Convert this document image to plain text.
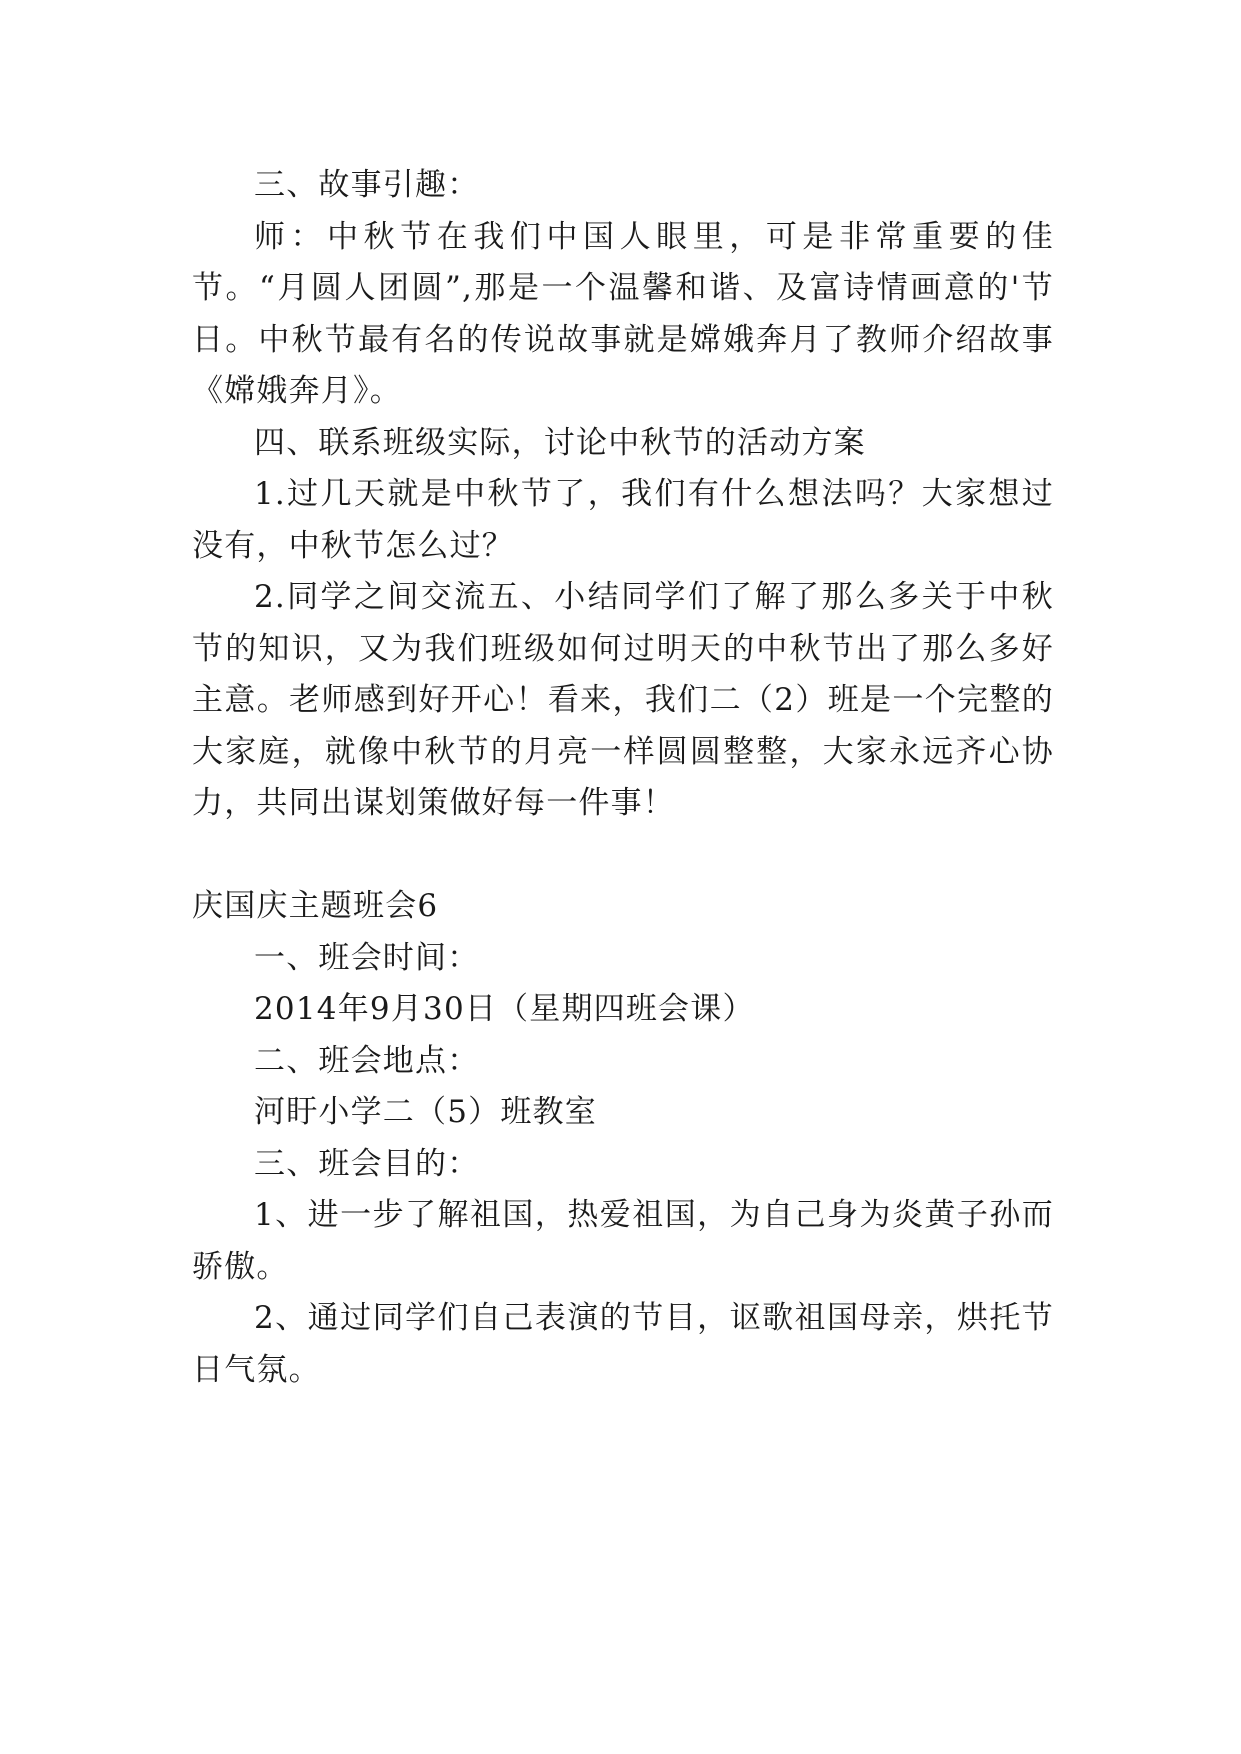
三、故事引趣：

师：中秋节在我们中国人眼里，可是非常重要的佳节。“月圆人团圆”,那是一个温馨和谐、及富诗情画意的'节日。中秋节最有名的传说故事就是嫦娥奔月了教师介绍故事《嫦娥奔月》。

四、联系班级实际，讨论中秋节的活动方案

1.过几天就是中秋节了，我们有什么想法吗？大家想过没有，中秋节怎么过？

2.同学之间交流五、小结同学们了解了那么多关于中秋节的知识，又为我们班级如何过明天的中秋节出了那么多好主意。老师感到好开心！看来，我们二（2）班是一个完整的大家庭，就像中秋节的月亮一样圆圆整整，大家永远齐心协力，共同出谋划策做好每一件事！

庆国庆主题班会6

一、班会时间：

2014年9月30日（星期四班会课）

二、班会地点：

河盱小学二（5）班教室

三、班会目的：

1、进一步了解祖国，热爱祖国，为自己身为炎黄子孙而骄傲。

2、通过同学们自己表演的节目，讴歌祖国母亲，烘托节日气氛。
